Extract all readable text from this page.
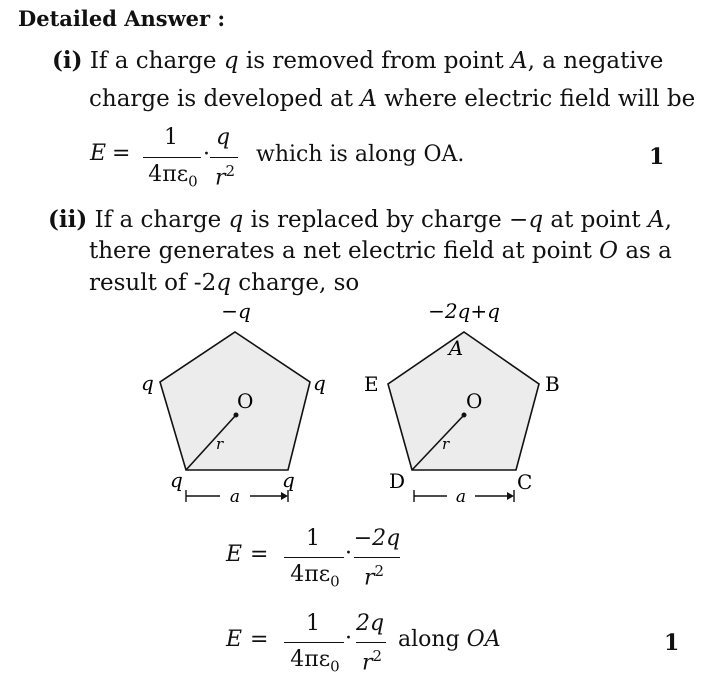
Detailed Answer :
(i) If a charge q is removed from point A, a negative
charge is developed at A where electric field will be
E =
1
$4\pi\varepsilon_0$
·
q
$r^2$
which is along OA.	1
(ii) If a charge q is replaced by charge −q at point A,
there generates a net electric field at point O as a
result of -2q charge, so
−q
q	q
q	q
O
r
a
−2q+q
A
B
C
D
E
O
r
a
E =
1
$4\pi\varepsilon_0$
·
−2q
$r^2$
E =
1
$4\pi\varepsilon_0$
·
2q
$r^2$
along OA	1
